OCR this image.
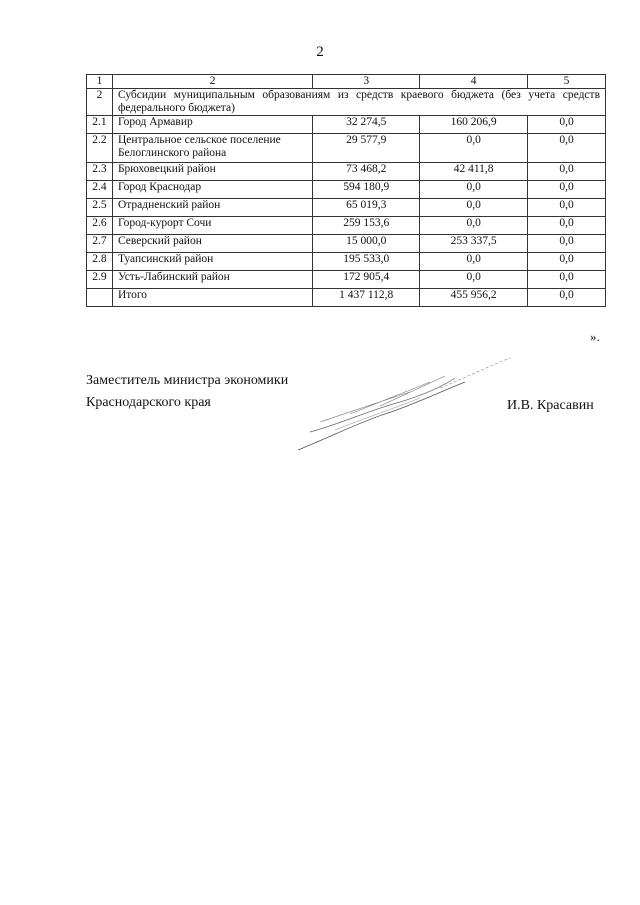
2
1	2	3	4	5
2	Субсидии муниципальным образованиям из средств краевого бюджета (без учета средств федерального бюджета)			
2.1	Город Армавир	32 274,5	160 206,9	0,0
2.2	Центральное сельское поселение Белоглинского района	29 577,9	0,0	0,0
2.3	Брюховецкий район	73 468,2	42 411,8	0,0
2.4	Город Краснодар	594 180,9	0,0	0,0
2.5	Отрадненский район	65 019,3	0,0	0,0
2.6	Город-курорт Сочи	259 153,6	0,0	0,0
2.7	Северский район	15 000,0	253 337,5	0,0
2.8	Туапсинский район	195 533,0	0,0	0,0
2.9	Усть-Лабинский район	172 905,4	0,0	0,0
	Итого	1 437 112,8	455 956,2	0,0
».
Заместитель министра экономики
Краснодарского края	И.В. Красавин
